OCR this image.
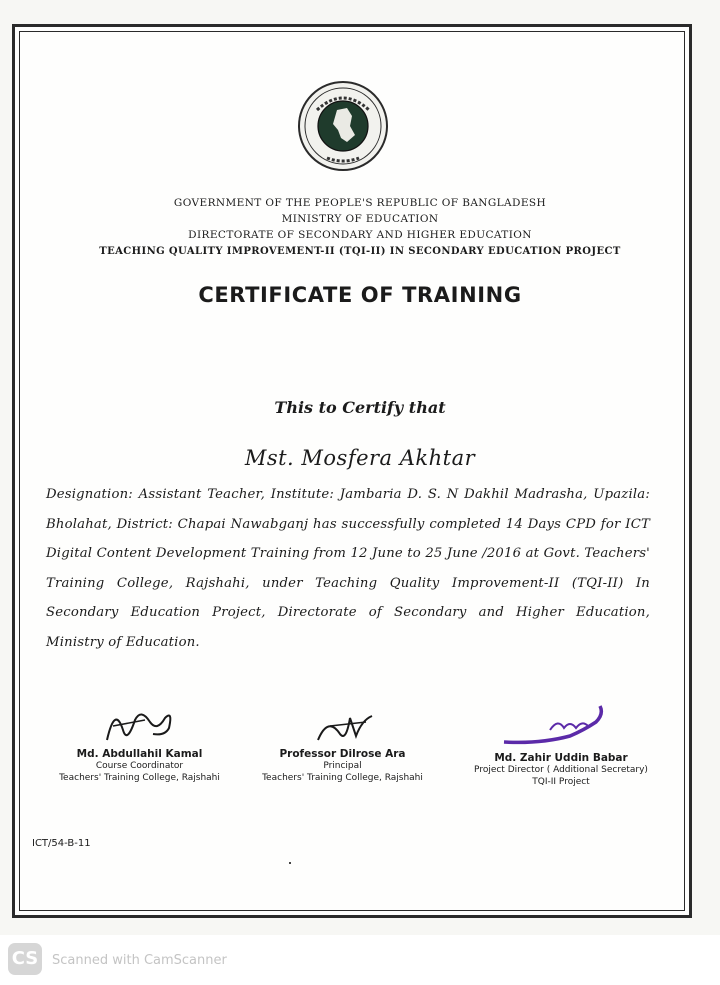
GOVERNMENT OF THE PEOPLE'S REPUBLIC OF BANGLADESH
MINISTRY OF EDUCATION
DIRECTORATE OF SECONDARY AND HIGHER EDUCATION
TEACHING QUALITY IMPROVEMENT-II (TQI-II) IN SECONDARY EDUCATION PROJECT
CERTIFICATE OF TRAINING
This to Certify that
Mst. Mosfera Akhtar
Designation: Assistant Teacher, Institute: Jambaria D. S. N Dakhil Madrasha, Upazila: Bholahat, District: Chapai Nawabganj has successfully completed 14 Days CPD for ICT Digital Content Development Training from 12 June to 25 June /2016 at Govt. Teachers' Training College, Rajshahi, under Teaching Quality Improvement-II (TQI-II) In Secondary Education Project, Directorate of Secondary and Higher Education, Ministry of Education.
Md. Abdullahil Kamal
Course Coordinator
Teachers' Training College, Rajshahi
Professor Dilrose Ara
Principal
Teachers' Training College, Rajshahi
Md. Zahir Uddin Babar
Project Director ( Additional Secretary)
TQI-II Project
ICT/54-B-11
CS Scanned with CamScanner
